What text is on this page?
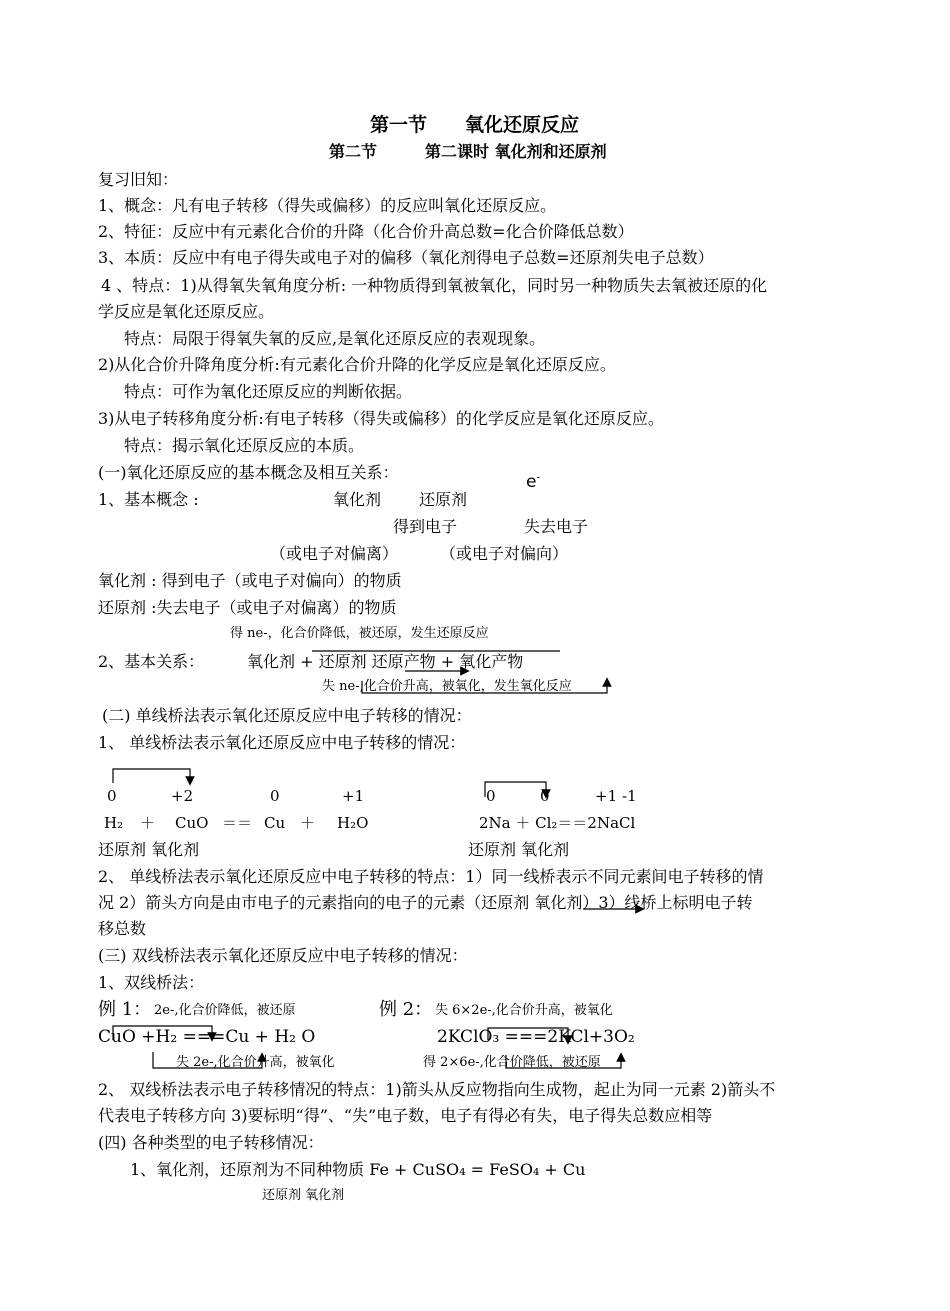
第一节　　氧化还原反应
第二节　　　第二课时 氧化剂和还原剂
复习旧知：
1、概念：凡有电子转移（得失或偏移）的反应叫氧化还原反应。
2、特征：反应中有元素化合价的升降（化合价升高总数=化合价降低总数）
3、本质：反应中有电子得失或电子对的偏移（氧化剂得电子总数=还原剂失电子总数）
4 、特点：1)从得氧失氧角度分析: 一种物质得到氧被氧化，同时另一种物质失去氧被还原的化
学反应是氧化还原反应。
特点：局限于得氧失氧的反应,是氧化还原反应的表观现象。
2)从化合价升降角度分析:有元素化合价升降的化学反应是氧化还原反应。
特点：可作为氧化还原反应的判断依据。
3)从电子转移角度分析:有电子转移（得失或偏移）的化学反应是氧化还原反应。
特点：揭示氧化还原反应的本质。
(一)氧化还原反应的基本概念及相互关系：	e-
1、基本概念 :	氧化剂 还原剂
得到电子	失去电子
（或电子对偏离）	（或电子对偏向）
氧化剂 : 得到电子（或电子对偏向）的物质
还原剂 :失去电子（或电子对偏离）的物质
得 ne-，化合价降低，被还原，发生还原反应
2、基本关系：	氧化剂 + 还原剂 还原产物 + 氧化产物
失 ne-,化合价升高，被氧化，发生氧化反应
(二) 单线桥法表示氧化还原反应中电子转移的情况：
1、 单线桥法表示氧化还原反应中电子转移的情况：
0	+2	0	+1
H₂ ＋ CuO ＝＝ Cu ＋ H₂O
还原剂 氧化剂
0	0	+1 -1
2Na ＋ Cl₂＝＝2NaCl
还原剂 氧化剂
2、 单线桥法表示氧化还原反应中电子转移的特点：1）同一线桥表示不同元素间电子转移的情
况 2）箭头方向是由市电子的元素指向的电子的元素（还原剂 氧化剂）3）线桥上标明电子转
移总数
(三) 双线桥法表示氧化还原反应中电子转移的情况：
1、双线桥法：
例 1： 2e-,化合价降低，被还原
CuO +H₂ ===Cu + H₂ O
失 2e-,化合价升高，被氧化
例 2： 失 6×2e-,化合价升高，被氧化
2KClO₃ ===2KCl+3O₂
得 2×6e-,化合价降低，被还原
2、 双线桥法表示电子转移情况的特点：1)箭头从反应物指向生成物，起止为同一元素 2)箭头不
代表电子转移方向 3)要标明“得”、“失”电子数，电子有得必有失，电子得失总数应相等
(四) 各种类型的电子转移情况：
1、氧化剂，还原剂为不同种物质 Fe + CuSO₄ = FeSO₄ + Cu
还原剂 氧化剂
